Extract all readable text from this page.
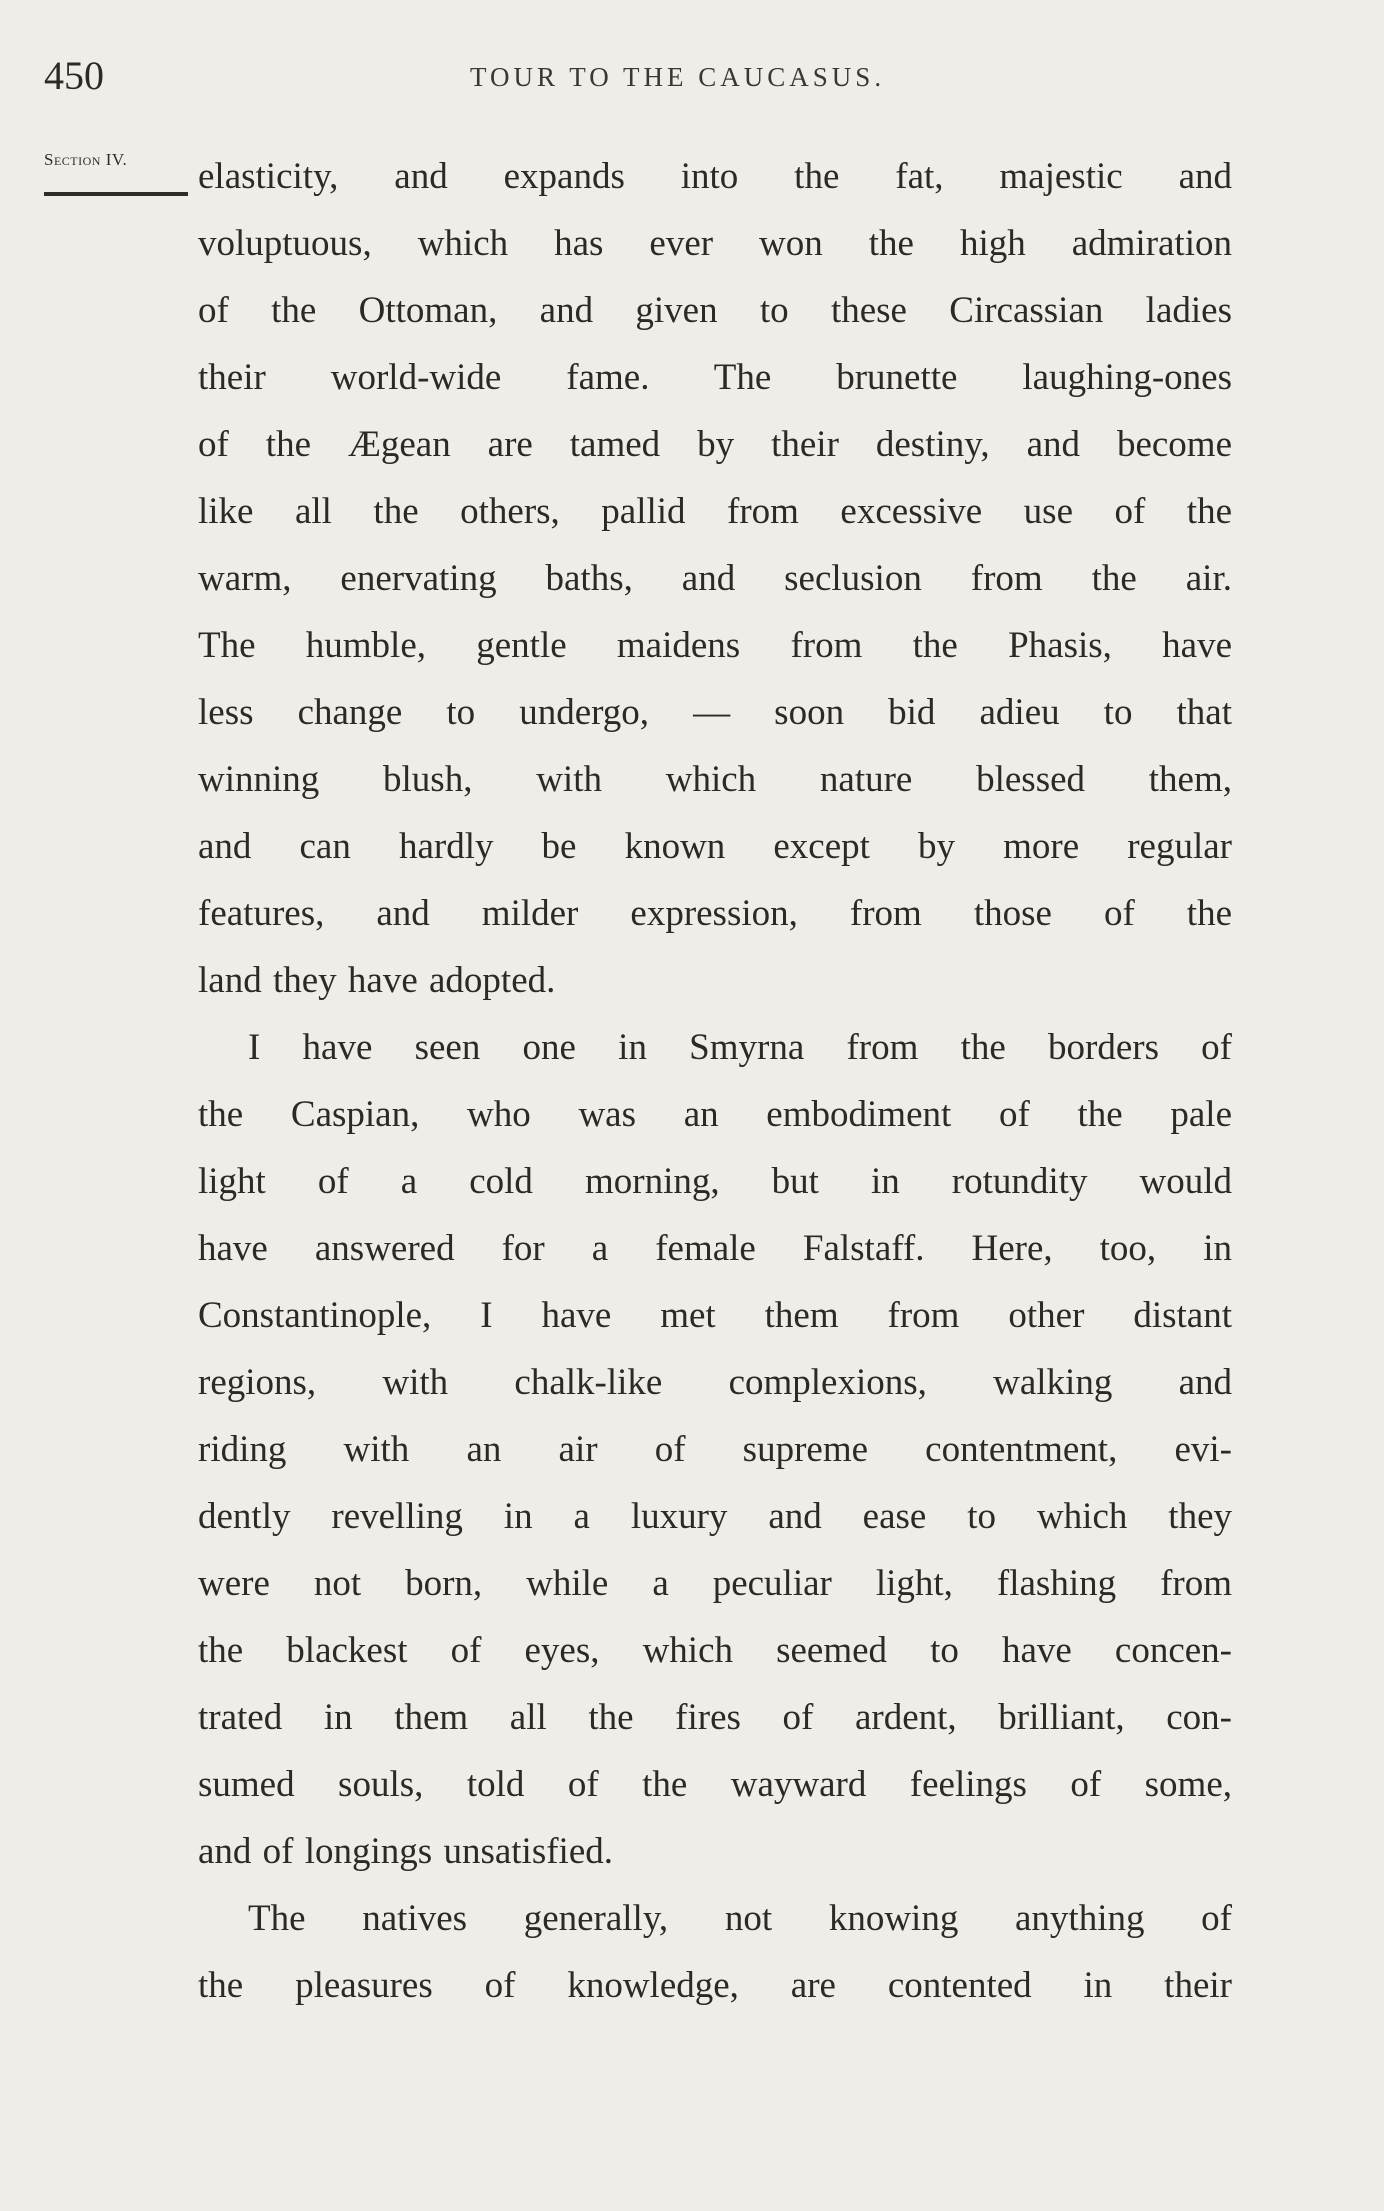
450	TOUR TO THE CAUCASUS.
Section IV.	elasticity, and expands into the fat, majestic and
voluptuous, which has ever won the high admiration
of the Ottoman, and given to these Circassian ladies
their world-wide fame. The brunette laughing-ones
of the Ægean are tamed by their destiny, and become
like all the others, pallid from excessive use of the
warm, enervating baths, and seclusion from the air.
The humble, gentle maidens from the Phasis, have
less change to undergo, — soon bid adieu to that
winning blush, with which nature blessed them,
and can hardly be known except by more regular
features, and milder expression, from those of the
land they have adopted.
I have seen one in Smyrna from the borders of
the Caspian, who was an embodiment of the pale
light of a cold morning, but in rotundity would
have answered for a female Falstaff. Here, too, in
Constantinople, I have met them from other distant
regions, with chalk-like complexions, walking and
riding with an air of supreme contentment, evi-
dently revelling in a luxury and ease to which they
were not born, while a peculiar light, flashing from
the blackest of eyes, which seemed to have concen-
trated in them all the fires of ardent, brilliant, con-
sumed souls, told of the wayward feelings of some,
and of longings unsatisfied.
The natives generally, not knowing anything of
the pleasures of knowledge, are contented in their
